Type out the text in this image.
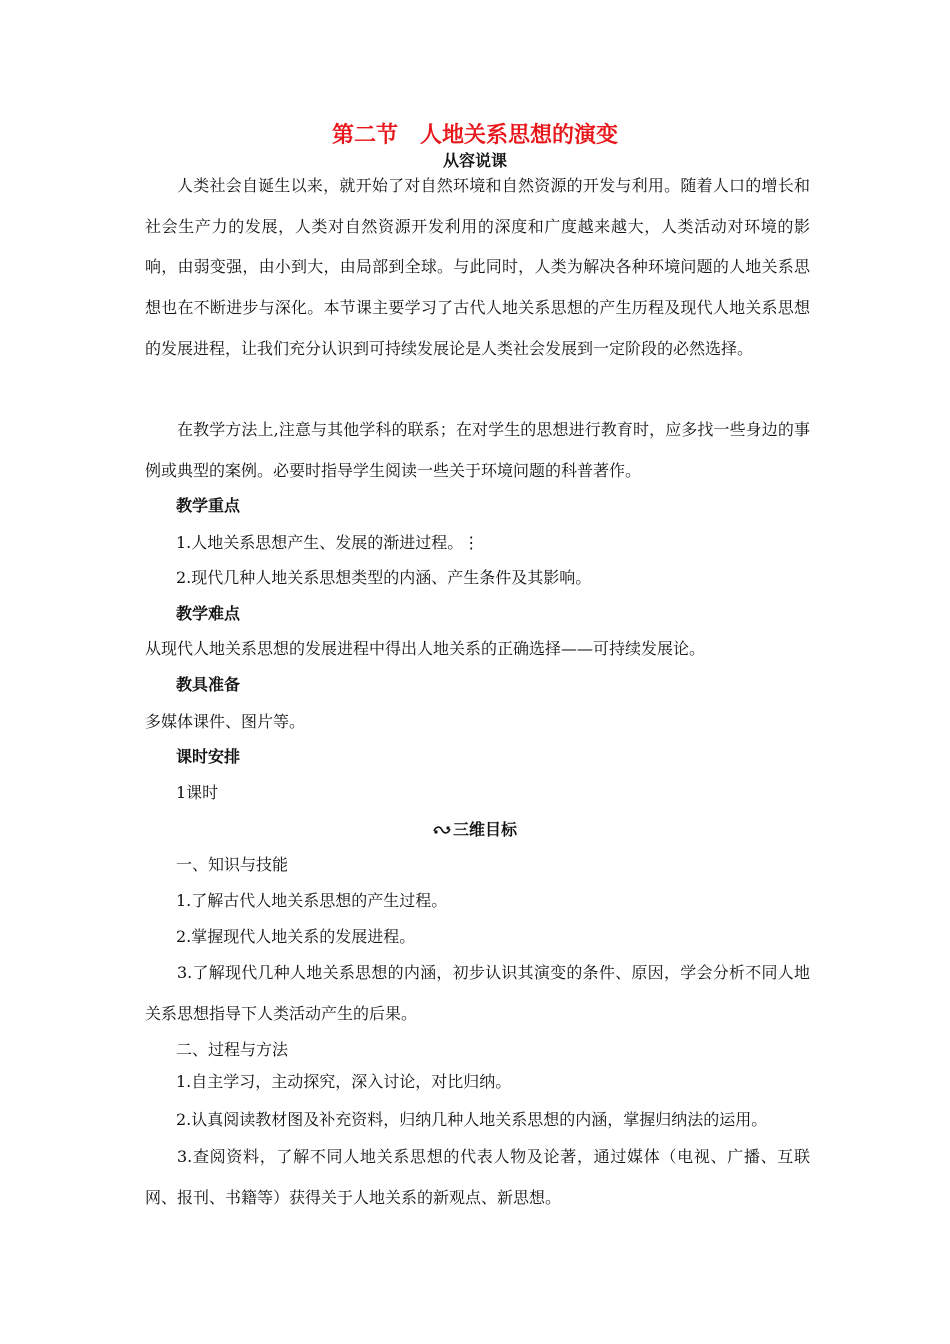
第二节　人地关系思想的演变
从容说课
人类社会自诞生以来，就开始了对自然环境和自然资源的开发与利用。随着人口的增长和社会生产力的发展，人类对自然资源开发利用的深度和广度越来越大，人类活动对环境的影响，由弱变强，由小到大，由局部到全球。与此同时，人类为解决各种环境问题的人地关系思想也在不断进步与深化。本节课主要学习了古代人地关系思想的产生历程及现代人地关系思想的发展进程，让我们充分认识到可持续发展论是人类社会发展到一定阶段的必然选择。
在教学方法上,注意与其他学科的联系；在对学生的思想进行教育时，应多找一些身边的事例或典型的案例。必要时指导学生阅读一些关于环境问题的科普著作。
教学重点
1.人地关系思想产生、发展的渐进过程。⋮
2.现代几种人地关系思想类型的内涵、产生条件及其影响。
教学难点
从现代人地关系思想的发展进程中得出人地关系的正确选择——可持续发展论。
教具准备
多媒体课件、图片等。
课时安排
1课时
三维目标
一、知识与技能
1.了解古代人地关系思想的产生过程。
2.掌握现代人地关系的发展进程。
3.了解现代几种人地关系思想的内涵，初步认识其演变的条件、原因，学会分析不同人地关系思想指导下人类活动产生的后果。
二、过程与方法
1.自主学习，主动探究，深入讨论，对比归纳。
2.认真阅读教材图及补充资料，归纳几种人地关系思想的内涵，掌握归纳法的运用。
3.查阅资料，了解不同人地关系思想的代表人物及论著，通过媒体（电视、广播、互联网、报刊、书籍等）获得关于人地关系的新观点、新思想。
